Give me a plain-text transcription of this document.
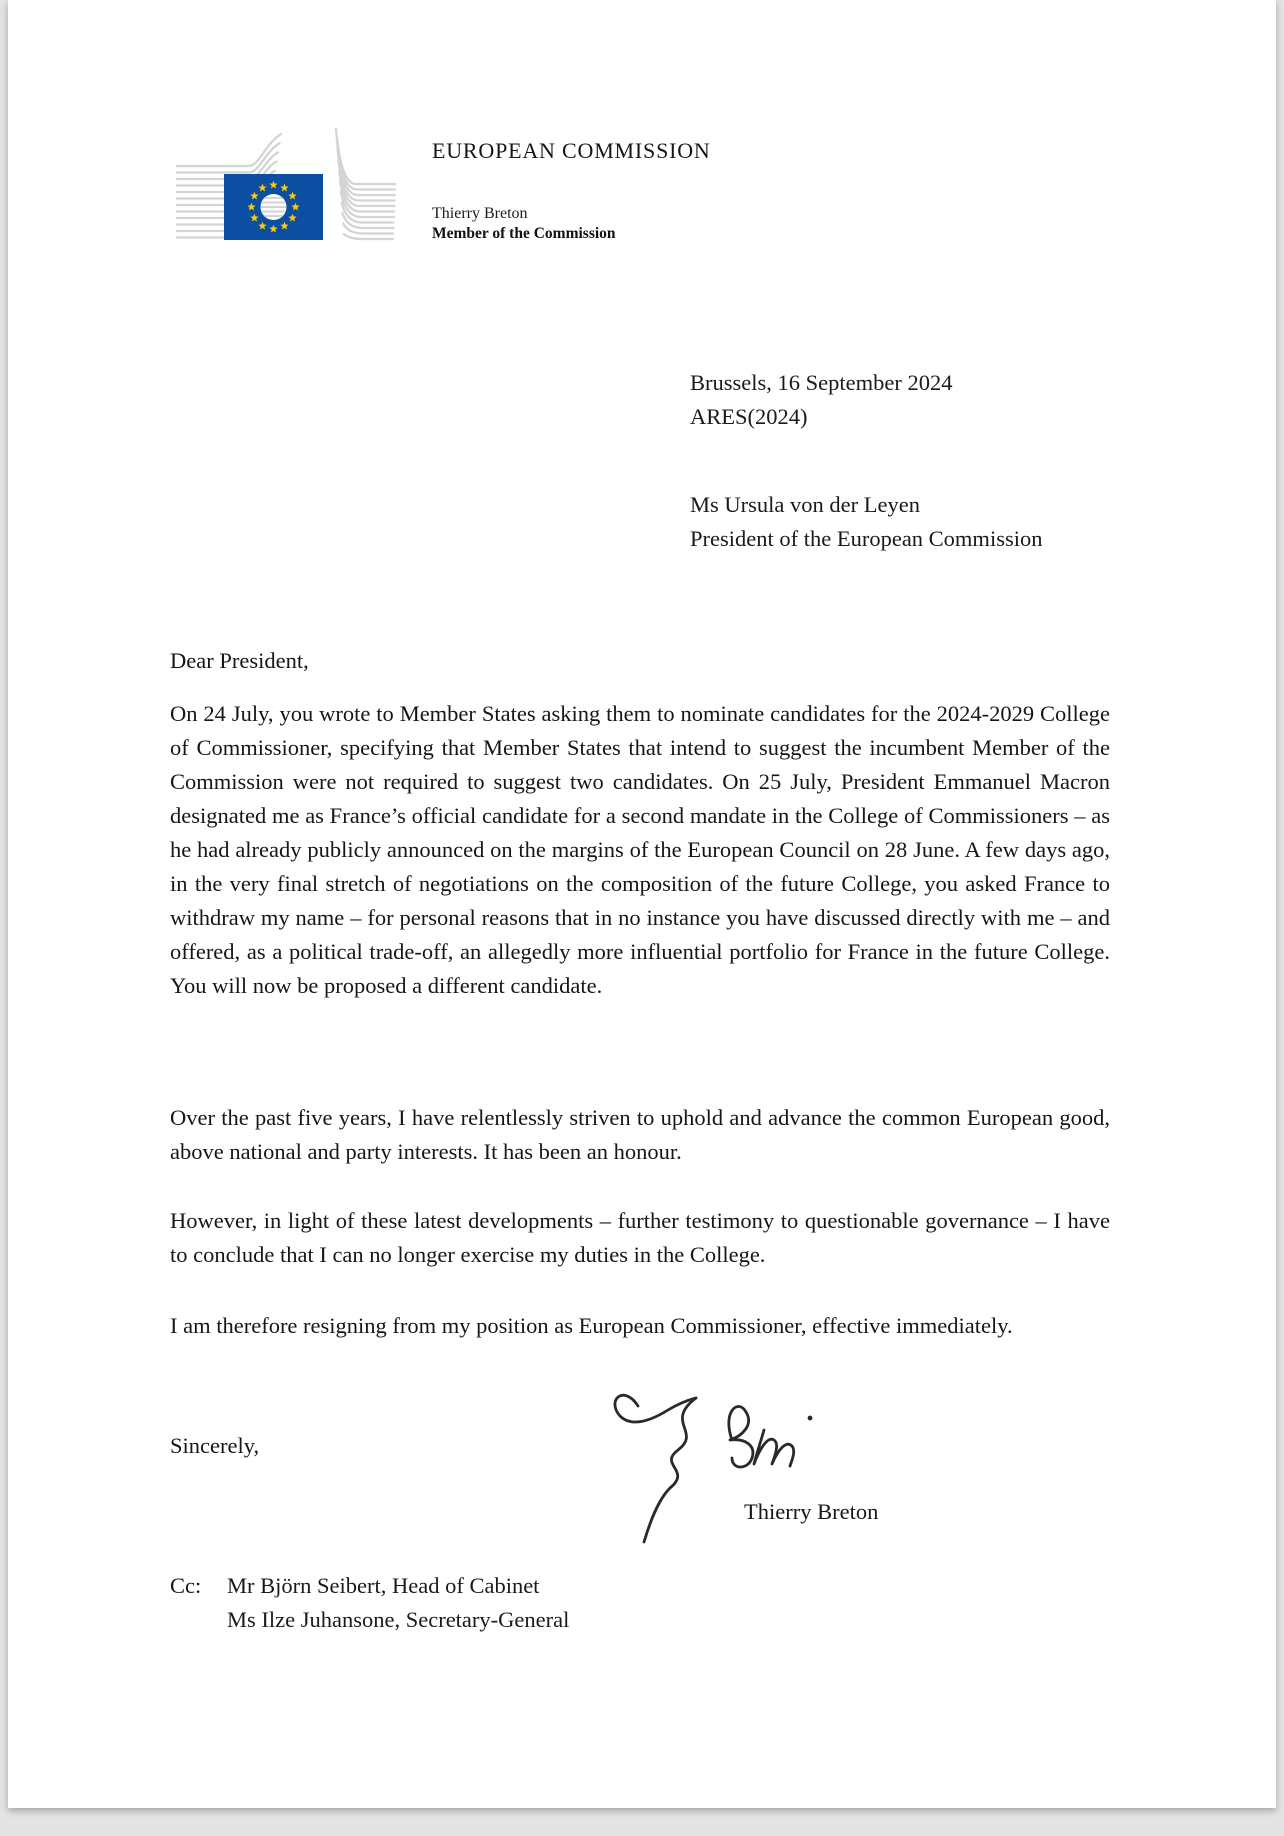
EUROPEAN COMMISSION
Thierry Breton
Member of the Commission
Brussels, 16 September 2024
ARES(2024)
Ms Ursula von der Leyen
President of the European Commission
Dear President,

On 24 July, you wrote to Member States asking them to nominate candidates for the 2024-2029 College of Commissioner, specifying that Member States that intend to suggest the incumbent Member of the Commission were not required to suggest two candidates. On 25 July, President Emmanuel Macron designated me as France’s official candidate for a second mandate in the College of Commissioners – as he had already publicly announced on the margins of the European Council on 28 June. A few days ago, in the very final stretch of negotiations on the composition of the future College, you asked France to withdraw my name – for personal reasons that in no instance you have discussed directly with me – and offered, as a political trade-off, an allegedly more influential portfolio for France in the future College. You will now be proposed a different candidate.

Over the past five years, I have relentlessly striven to uphold and advance the common European good, above national and party interests. It has been an honour.

However, in light of these latest developments – further testimony to questionable governance – I have to conclude that I can no longer exercise my duties in the College.

I am therefore resigning from my position as European Commissioner, effective immediately.

Sincerely,
Thierry Breton
Cc: Mr Björn Seibert, Head of Cabinet
Ms Ilze Juhansone, Secretary-General
